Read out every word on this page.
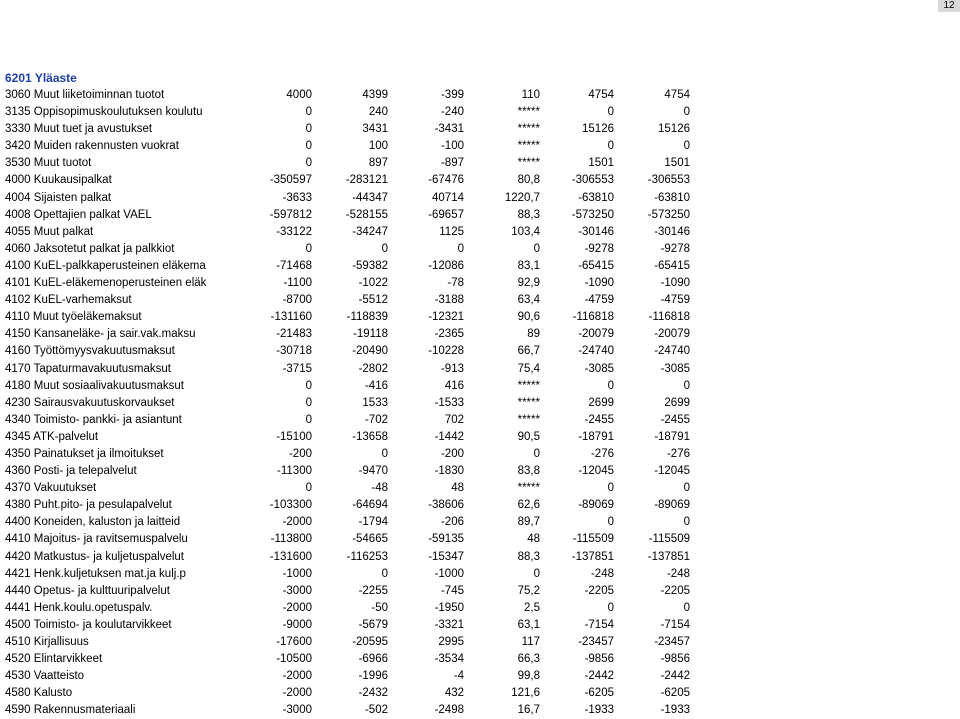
12
6201 Yläaste
3060 Muut liiketoiminnan tuotot	4000	4399	-399	110	4754	4754
3135 Oppisopimuskoulutuksen koulutu	0	240	-240	*****	0	0
3330 Muut tuet ja avustukset	0	3431	-3431	*****	15126	15126
3420 Muiden rakennusten vuokrat	0	100	-100	*****	0	0
3530 Muut tuotot	0	897	-897	*****	1501	1501
4000 Kuukausipalkat	-350597	-283121	-67476	80,8	-306553	-306553
4004 Sijaisten palkat	-3633	-44347	40714	1220,7	-63810	-63810
4008 Opettajien palkat VAEL	-597812	-528155	-69657	88,3	-573250	-573250
4055 Muut palkat	-33122	-34247	1125	103,4	-30146	-30146
4060 Jaksotetut palkat ja palkkiot	0	0	0	0	-9278	-9278
4100 KuEL-palkkaperusteinen eläkema	-71468	-59382	-12086	83,1	-65415	-65415
4101 KuEL-eläkemenoperusteinen eläk	-1100	-1022	-78	92,9	-1090	-1090
4102 KuEL-varhemaksut	-8700	-5512	-3188	63,4	-4759	-4759
4110 Muut työeläkemaksut	-131160	-118839	-12321	90,6	-116818	-116818
4150 Kansaneläke- ja sair.vak.maksu	-21483	-19118	-2365	89	-20079	-20079
4160 Työttömyysvakuutusmaksut	-30718	-20490	-10228	66,7	-24740	-24740
4170 Tapaturmavakuutusmaksut	-3715	-2802	-913	75,4	-3085	-3085
4180 Muut sosiaalivakuutusmaksut	0	-416	416	*****	0	0
4230 Sairausvakuutuskorvaukset	0	1533	-1533	*****	2699	2699
4340 Toimisto- pankki- ja asiantunt	0	-702	702	*****	-2455	-2455
4345 ATK-palvelut	-15100	-13658	-1442	90,5	-18791	-18791
4350 Painatukset ja ilmoitukset	-200	0	-200	0	-276	-276
4360 Posti- ja telepalvelut	-11300	-9470	-1830	83,8	-12045	-12045
4370 Vakuutukset	0	-48	48	*****	0	0
4380 Puht.pito- ja pesulapalvelut	-103300	-64694	-38606	62,6	-89069	-89069
4400 Koneiden, kaluston ja laitteid	-2000	-1794	-206	89,7	0	0
4410 Majoitus- ja ravitsemuspalvelu	-113800	-54665	-59135	48	-115509	-115509
4420 Matkustus- ja kuljetuspalvelut	-131600	-116253	-15347	88,3	-137851	-137851
4421 Henk.kuljetuksen mat.ja kulj.p	-1000	0	-1000	0	-248	-248
4440 Opetus- ja kulttuuripalvelut	-3000	-2255	-745	75,2	-2205	-2205
4441 Henk.koulu.opetuspalv.	-2000	-50	-1950	2,5	0	0
4500 Toimisto- ja koulutarvikkeet	-9000	-5679	-3321	63,1	-7154	-7154
4510 Kirjallisuus	-17600	-20595	2995	117	-23457	-23457
4520 Elintarvikkeet	-10500	-6966	-3534	66,3	-9856	-9856
4530 Vaatteisto	-2000	-1996	-4	99,8	-2442	-2442
4580 Kalusto	-2000	-2432	432	121,6	-6205	-6205
4590 Rakennusmateriaali	-3000	-502	-2498	16,7	-1933	-1933
